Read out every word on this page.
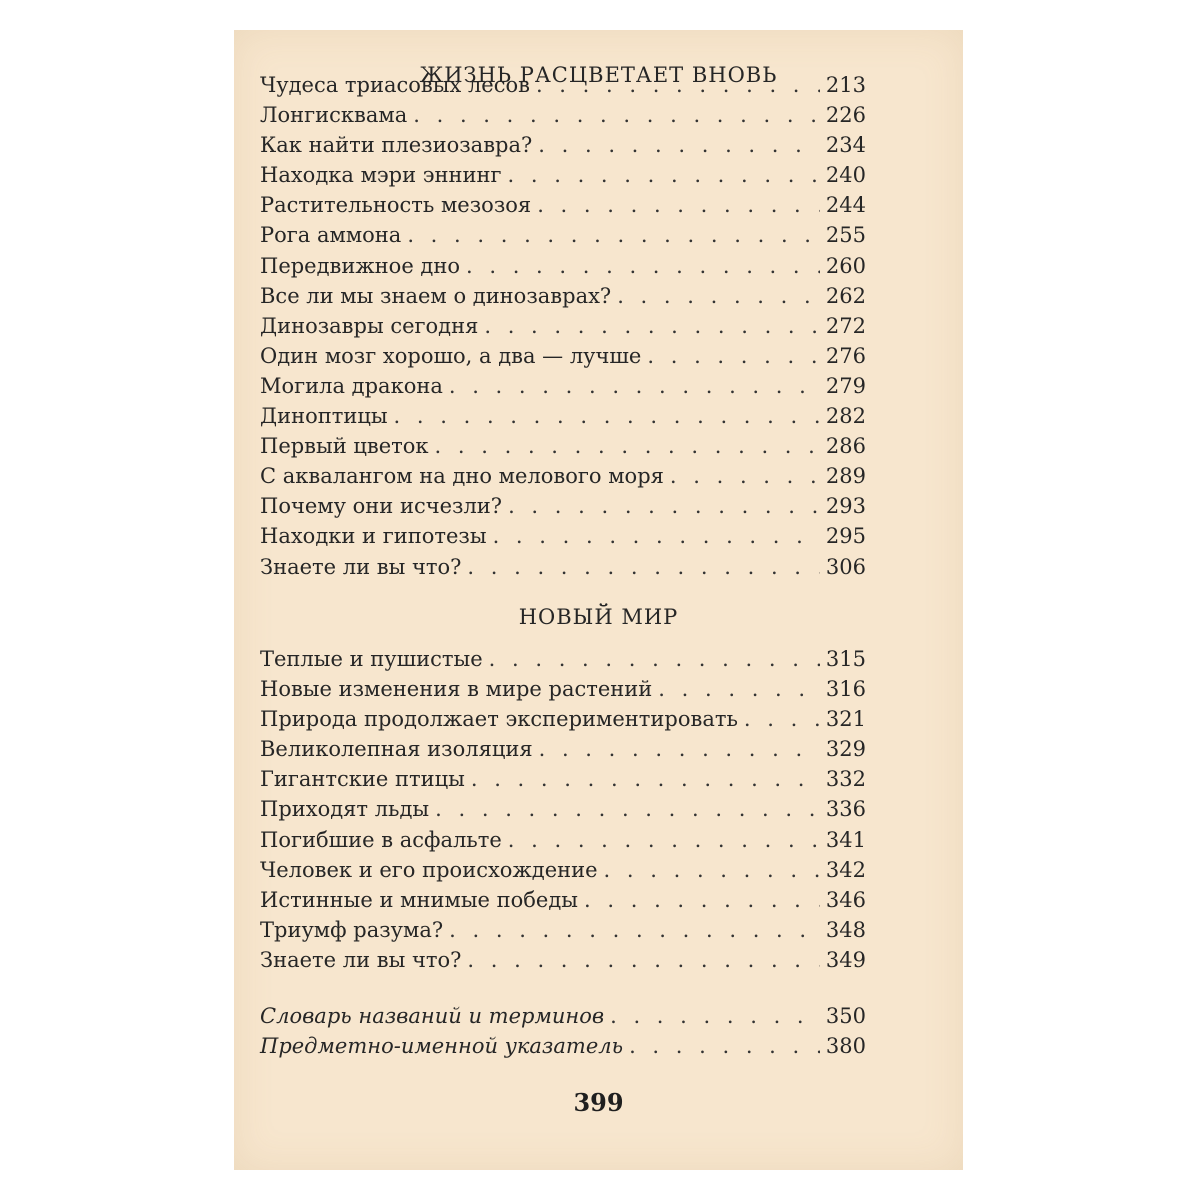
ЖИЗНЬ РАСЦВЕТАЕТ ВНОВЬ
Чудеса триасовых лесов . . .	213
Лонгисквама . . .	226
Как найти плезиозавра? . . .	234
Находка мэри эннинг . . .	240
Растительность мезозоя . . .	244
Рога аммона . . .	255
Передвижное дно . . .	260
Все ли мы знаем о динозаврах? . . .	262
Динозавры сегодня . . .	272
Один мозг хорошо, а два — лучше . . .	276
Могила дракона . . .	279
Диноптицы . . .	282
Первый цветок . . .	286
С аквалангом на дно мелового моря . . .	289
Почему они исчезли? . . .	293
Находки и гипотезы . . .	295
Знаете ли вы что? . . .	306
НОВЫЙ МИР
Теплые и пушистые . . .	315
Новые изменения в мире растений . . .	316
Природа продолжает экспериментировать . . .	321
Великолепная изоляция . . .	329
Гигантские птицы . . .	332
Приходят льды . . .	336
Погибшие в асфальте . . .	341
Человек и его происхождение . . .	342
Истинные и мнимые победы . . .	346
Триумф разума? . . .	348
Знаете ли вы что? . . .	349
Словарь названий и терминов . . .	350
Предметно-именной указатель . . .	380
399
